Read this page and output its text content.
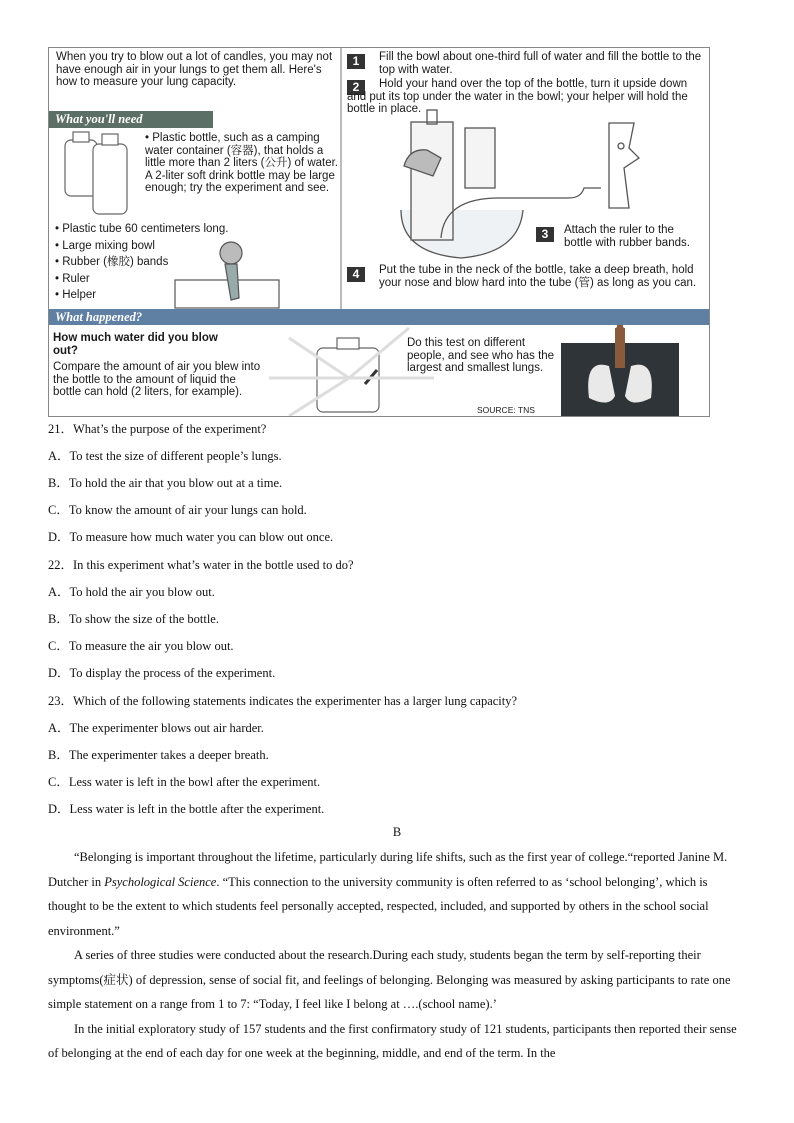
When you try to blow out a lot of candles, you may not have enough air in your lungs to get them all. Here's how to measure your lung capacity.
What you'll need
• Plastic bottle, such as a camping water container (容器), that holds a little more than 2 liters (公升) of water. A 2-liter soft drink bottle may be large enough; try the experiment and see.
• Plastic tube 60 centimeters long.
• Large mixing bowl
• Rubber (橡胶) bands
• Ruler
• Helper
1	Fill the bowl about one-third full of water and fill the bottle to the top with water.
2	Hold your hand over the top of the bottle, turn it upside down and put its top under the water in the bowl; your helper will hold the bottle in place.
3	Attach the ruler to the bottle with rubber bands.
4	Put the tube in the neck of the bottle, take a deep breath, hold your nose and blow hard into the tube (管) as long as you can.
What happened?
How much water did you blow out?
Compare the amount of air you blew into the bottle to the amount of liquid the bottle can hold (2 liters, for example).
Do this test on different people, and see who has the largest and smallest lungs.
SOURCE: TNS
21．What’s the purpose of the experiment?
A．To test the size of different people’s lungs.
B．To hold the air that you blow out at a time.
C．To know the amount of air your lungs can hold.
D．To measure how much water you can blow out once.
22．In this experiment what’s water in the bottle used to do?
A．To hold the air you blow out.
B．To show the size of the bottle.
C．To measure the air you blow out.
D．To display the process of the experiment.
23．Which of the following statements indicates the experimenter has a larger lung capacity?
A．The experimenter blows out air harder.
B．The experimenter takes a deeper breath.
C．Less water is left in the bowl after the experiment.
D．Less water is left in the bottle after the experiment.
B

“Belonging is important throughout the lifetime, particularly during life shifts, such as the first year of college.“reported Janine M. Dutcher in Psychological Science. “This connection to the university community is often referred to as ‘school belonging’, which is thought to be the extent to which students feel personally accepted, respected, included, and supported by others in the school social environment.”

A series of three studies were conducted about the research.During each study, students began the term by self-reporting their symptoms(症状) of depression, sense of social fit, and feelings of belonging. Belonging was measured by asking participants to rate one simple statement on a range from 1 to 7: “Today, I feel like I belong at ….(school name).’

In the initial exploratory study of 157 students and the first confirmatory study of 121 students, participants then reported their sense of belonging at the end of each day for one week at the beginning, middle, and end of the term. In the
